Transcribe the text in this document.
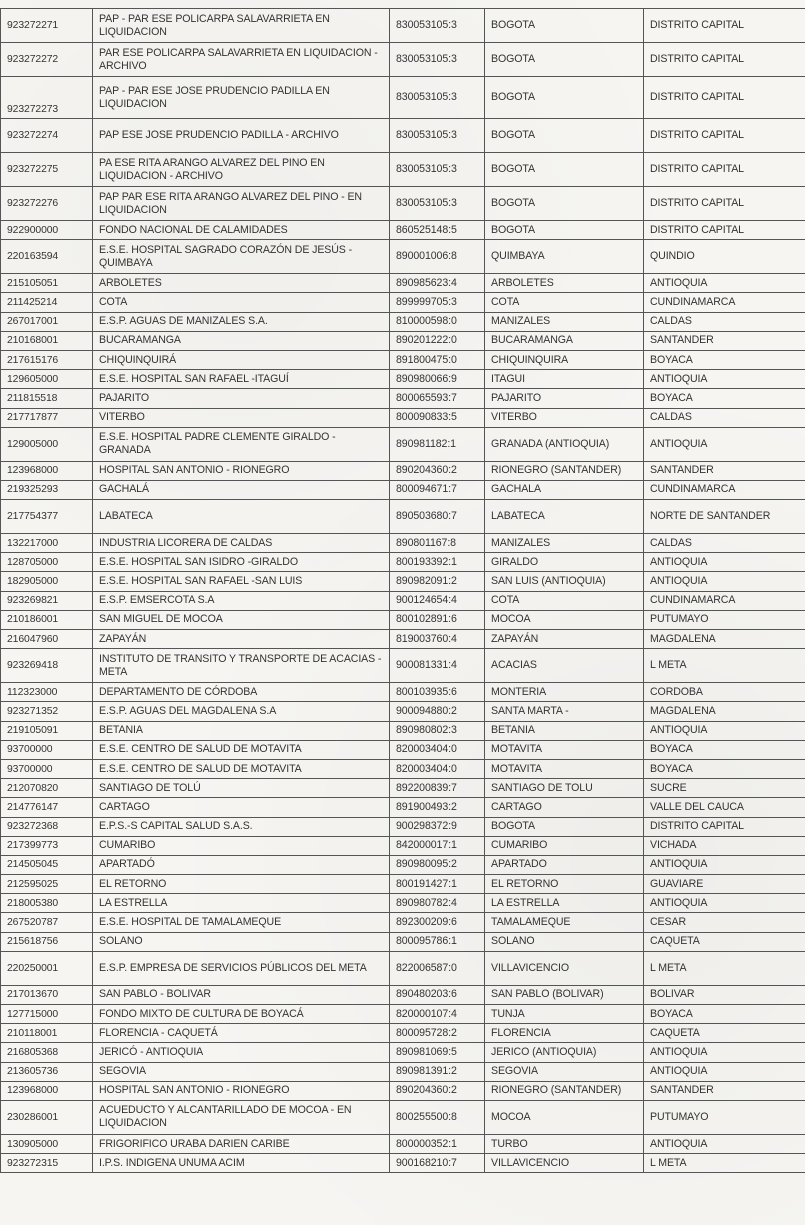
923272271	PAP - PAR ESE POLICARPA SALAVARRIETA EN LIQUIDACION	830053105:3	BOGOTA	DISTRITO CAPITAL
923272272	PAR ESE POLICARPA SALAVARRIETA EN LIQUIDACION - ARCHIVO	830053105:3	BOGOTA	DISTRITO CAPITAL
923272273	PAP - PAR ESE JOSE PRUDENCIO PADILLA EN LIQUIDACION	830053105:3	BOGOTA	DISTRITO CAPITAL
923272274	PAP ESE JOSE PRUDENCIO PADILLA - ARCHIVO	830053105:3	BOGOTA	DISTRITO CAPITAL
923272275	PA ESE RITA ARANGO ALVAREZ DEL PINO EN LIQUIDACION - ARCHIVO	830053105:3	BOGOTA	DISTRITO CAPITAL
923272276	PAP PAR ESE RITA ARANGO ALVAREZ DEL PINO - EN LIQUIDACION	830053105:3	BOGOTA	DISTRITO CAPITAL
922900000	FONDO NACIONAL DE CALAMIDADES	860525148:5	BOGOTA	DISTRITO CAPITAL
220163594	E.S.E. HOSPITAL SAGRADO CORAZÓN DE JESÚS - QUIMBAYA	890001006:8	QUIMBAYA	QUINDIO
215105051	ARBOLETES	890985623:4	ARBOLETES	ANTIOQUIA
211425214	COTA	899999705:3	COTA	CUNDINAMARCA
267017001	E.S.P. AGUAS DE MANIZALES S.A.	810000598:0	MANIZALES	CALDAS
210168001	BUCARAMANGA	890201222:0	BUCARAMANGA	SANTANDER
217615176	CHIQUINQUIRÁ	891800475:0	CHIQUINQUIRA	BOYACA
129605000	E.S.E. HOSPITAL SAN RAFAEL -ITAGUÍ	890980066:9	ITAGUI	ANTIOQUIA
211815518	PAJARITO	800065593:7	PAJARITO	BOYACA
217717877	VITERBO	800090833:5	VITERBO	CALDAS
129005000	E.S.E. HOSPITAL PADRE CLEMENTE GIRALDO - GRANADA	890981182:1	GRANADA (ANTIOQUIA)	ANTIOQUIA
123968000	HOSPITAL SAN ANTONIO - RIONEGRO	890204360:2	RIONEGRO (SANTANDER)	SANTANDER
219325293	GACHALÁ	800094671:7	GACHALA	CUNDINAMARCA
217754377	LABATECA	890503680:7	LABATECA	NORTE DE SANTANDER
132217000	INDUSTRIA LICORERA DE CALDAS	890801167:8	MANIZALES	CALDAS
128705000	E.S.E. HOSPITAL SAN ISIDRO -GIRALDO	800193392:1	GIRALDO	ANTIOQUIA
182905000	E.S.E. HOSPITAL SAN RAFAEL -SAN LUIS	890982091:2	SAN LUIS (ANTIOQUIA)	ANTIOQUIA
923269821	E.S.P. EMSERCOTA S.A	900124654:4	COTA	CUNDINAMARCA
210186001	SAN MIGUEL DE MOCOA	800102891:6	MOCOA	PUTUMAYO
216047960	ZAPAYÁN	819003760:4	ZAPAYÁN	MAGDALENA
923269418	INSTITUTO DE TRANSITO Y TRANSPORTE DE ACACIAS - META	900081331:4	ACACIAS	L META
112323000	DEPARTAMENTO DE CÓRDOBA	800103935:6	MONTERIA	CORDOBA
923271352	E.S.P. AGUAS DEL MAGDALENA S.A	900094880:2	SANTA MARTA -	MAGDALENA
219105091	BETANIA	890980802:3	BETANIA	ANTIOQUIA
93700000	E.S.E. CENTRO DE SALUD DE MOTAVITA	820003404:0	MOTAVITA	BOYACA
93700000	E.S.E. CENTRO DE SALUD DE MOTAVITA	820003404:0	MOTAVITA	BOYACA
212070820	SANTIAGO DE TOLÚ	892200839:7	SANTIAGO DE TOLU	SUCRE
214776147	CARTAGO	891900493:2	CARTAGO	VALLE DEL CAUCA
923272368	E.P.S.-S CAPITAL SALUD S.A.S.	900298372:9	BOGOTA	DISTRITO CAPITAL
217399773	CUMARIBO	842000017:1	CUMARIBO	VICHADA
214505045	APARTADÓ	890980095:2	APARTADO	ANTIOQUIA
212595025	EL RETORNO	800191427:1	EL RETORNO	GUAVIARE
218005380	LA ESTRELLA	890980782:4	LA ESTRELLA	ANTIOQUIA
267520787	E.S.E. HOSPITAL DE TAMALAMEQUE	892300209:6	TAMALAMEQUE	CESAR
215618756	SOLANO	800095786:1	SOLANO	CAQUETA
220250001	E.S.P. EMPRESA DE SERVICIOS PÚBLICOS DEL META	822006587:0	VILLAVICENCIO	L META
217013670	SAN PABLO - BOLIVAR	890480203:6	SAN PABLO (BOLIVAR)	BOLIVAR
127715000	FONDO MIXTO DE CULTURA DE BOYACÁ	820000107:4	TUNJA	BOYACA
210118001	FLORENCIA - CAQUETÁ	800095728:2	FLORENCIA	CAQUETA
216805368	JERICÓ - ANTIOQUIA	890981069:5	JERICO (ANTIOQUIA)	ANTIOQUIA
213605736	SEGOVIA	890981391:2	SEGOVIA	ANTIOQUIA
123968000	HOSPITAL SAN ANTONIO - RIONEGRO	890204360:2	RIONEGRO (SANTANDER)	SANTANDER
230286001	ACUEDUCTO Y ALCANTARILLADO DE MOCOA - EN LIQUIDACION	800255500:8	MOCOA	PUTUMAYO
130905000	FRIGORIFICO URABA DARIEN CARIBE	800000352:1	TURBO	ANTIOQUIA
923272315	I.P.S. INDIGENA UNUMA ACIM	900168210:7	VILLAVICENCIO	L META
